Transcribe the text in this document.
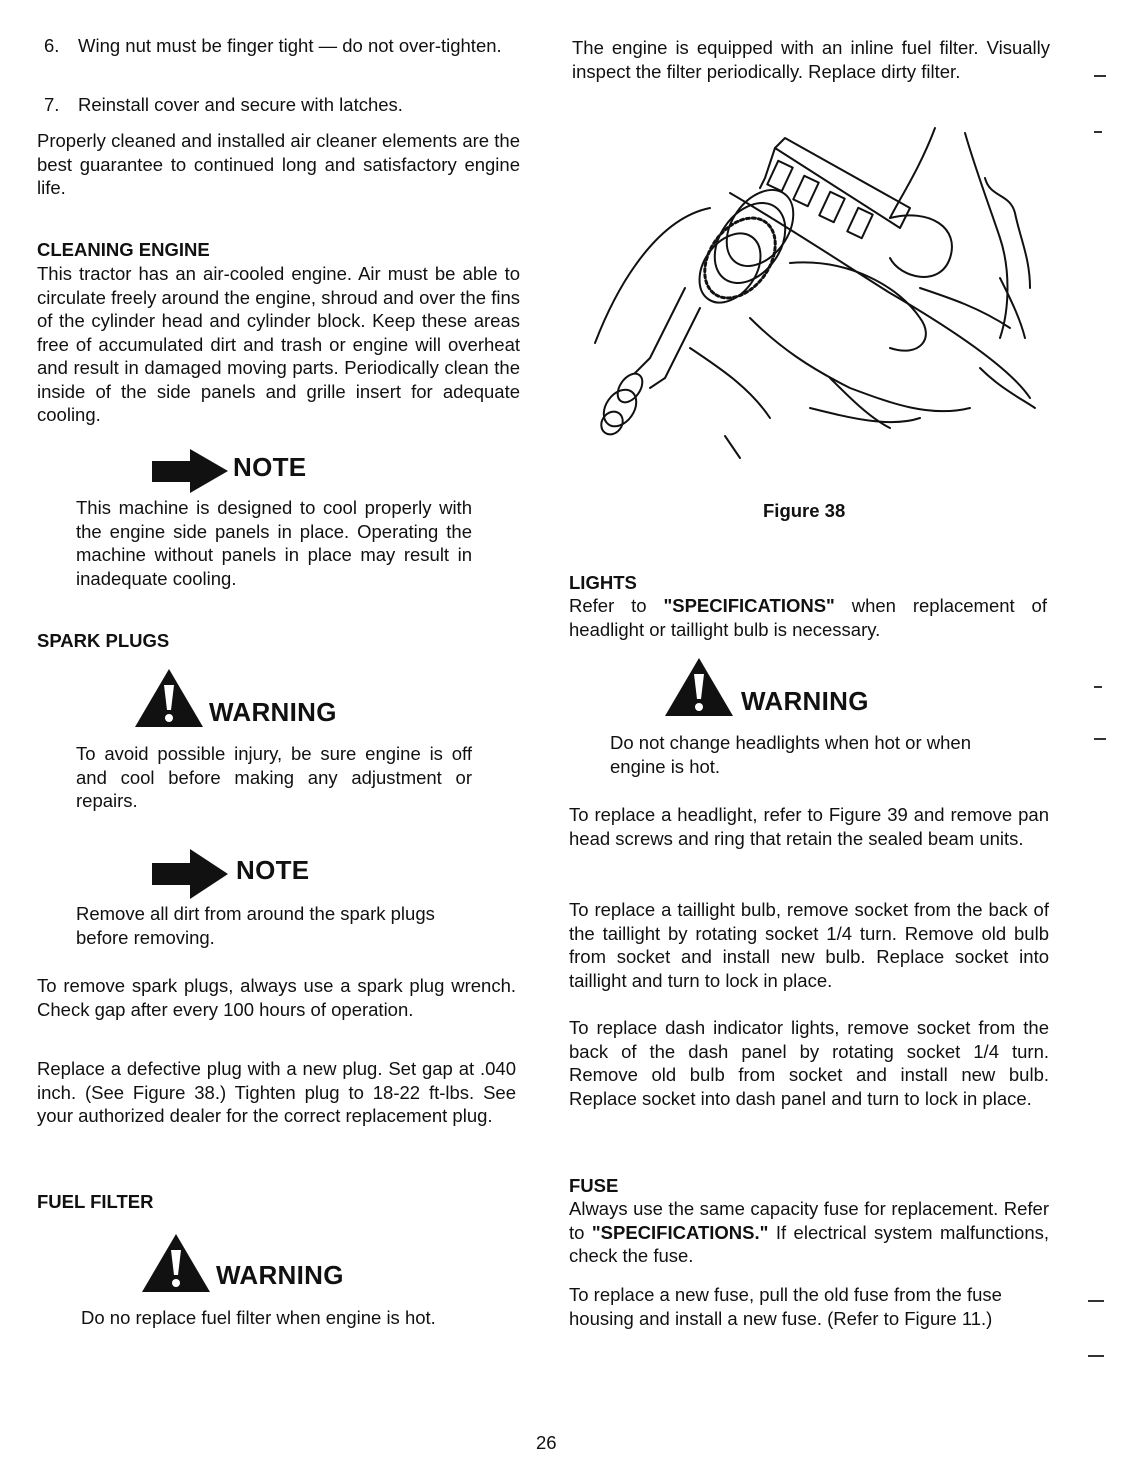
6. Wing nut must be finger tight — do not over-tighten.

7. Reinstall cover and secure with latches.

Properly cleaned and installed air cleaner elements are the best guarantee to continued long and satisfactory engine life.

CLEANING ENGINE

This tractor has an air-cooled engine. Air must be able to circulate freely around the engine, shroud and over the fins of the cylinder head and cylinder block. Keep these areas free of accumulated dirt and trash or engine will overheat and result in damaged moving parts. Periodically clean the inside of the side panels and grille insert for adequate cooling.

NOTE

This machine is designed to cool properly with the engine side panels in place. Operating the machine without panels in place may result in inadequate cooling.

SPARK PLUGS
WARNING

To avoid possible injury, be sure engine is off and cool before making any adjustment or repairs.

NOTE

Remove all dirt from around the spark plugs before removing.

To remove spark plugs, always use a spark plug wrench. Check gap after every 100 hours of operation.

Replace a defective plug with a new plug. Set gap at .040 inch. (See Figure 38.) Tighten plug to 18-22 ft-lbs. See your authorized dealer for the correct replacement plug.

FUEL FILTER
WARNING

Do no replace fuel filter when engine is hot.

The engine is equipped with an inline fuel filter. Visually inspect the filter periodically. Replace dirty filter.

Figure 38
LIGHTS

Refer to "SPECIFICATIONS" when replacement of headlight or taillight bulb is necessary.

WARNING

Do not change headlights when hot or when engine is hot.

To replace a headlight, refer to Figure 39 and remove pan head screws and ring that retain the sealed beam units.

To replace a taillight bulb, remove socket from the back of the taillight by rotating socket 1/4 turn. Remove old bulb from socket and install new bulb. Replace socket into taillight and turn to lock in place.

To replace dash indicator lights, remove socket from the back of the dash panel by rotating socket 1/4 turn. Remove old bulb from socket and install new bulb. Replace socket into dash panel and turn to lock in place.

FUSE

Always use the same capacity fuse for replacement. Refer to "SPECIFICATIONS." If electrical system malfunctions, check the fuse.

To replace a new fuse, pull the old fuse from the fuse housing and install a new fuse. (Refer to Figure 11.)

26
